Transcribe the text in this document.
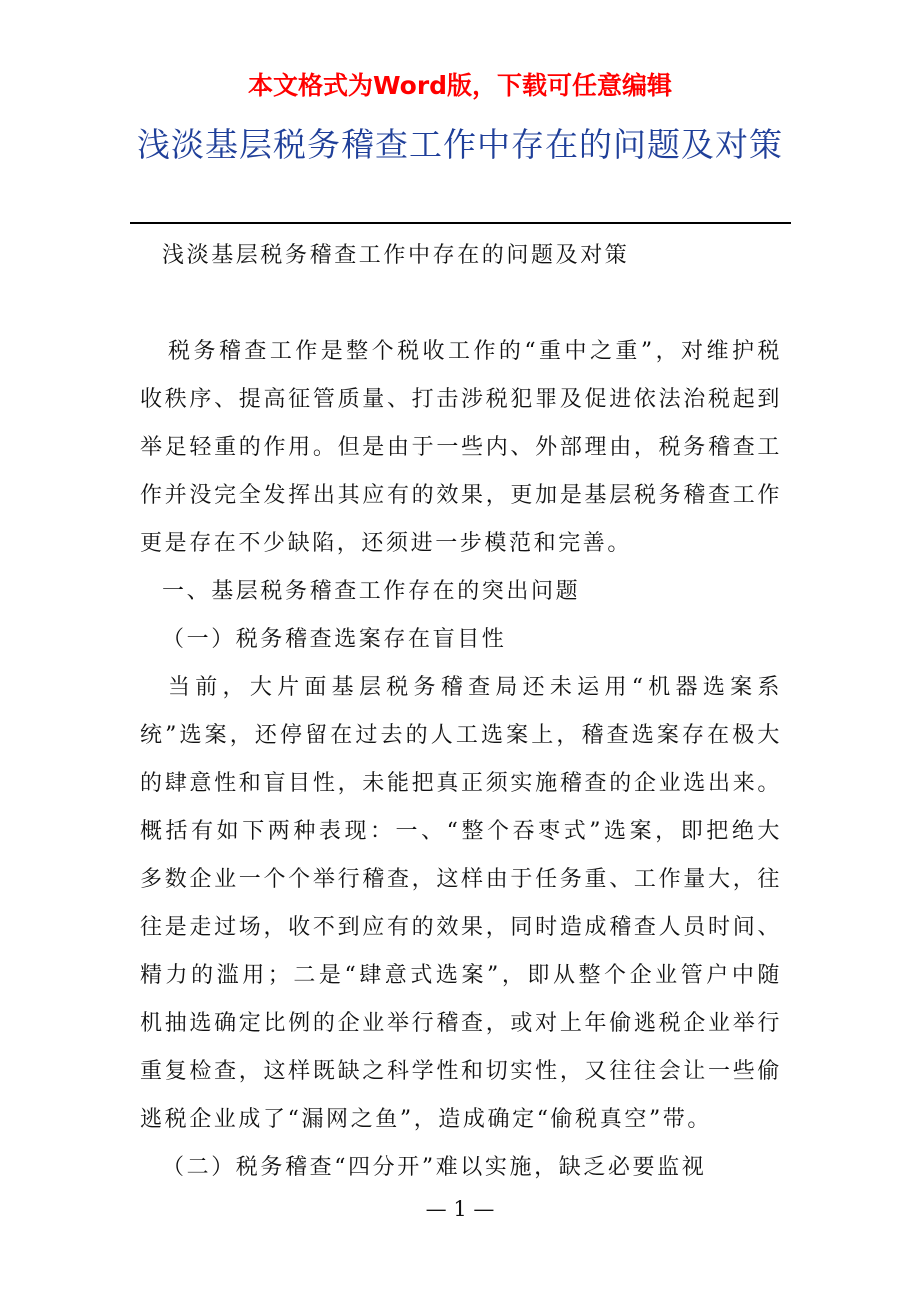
本文格式为Word版，下载可任意编辑
浅淡基层税务稽查工作中存在的问题及对策

浅淡基层税务稽查工作中存在的问题及对策

税务稽查工作是整个税收工作的“重中之重”，对维护税收秩序、提高征管质量、打击涉税犯罪及促进依法治税起到举足轻重的作用。但是由于一些内、外部理由，税务稽查工作并没完全发挥出其应有的效果，更加是基层税务稽查工作更是存在不少缺陷，还须进一步模范和完善。

一、基层税务稽查工作存在的突出问题

（一）税务稽查选案存在盲目性

当前，大片面基层税务稽查局还未运用“机器选案系统”选案，还停留在过去的人工选案上，稽查选案存在极大的肆意性和盲目性，未能把真正须实施稽查的企业选出来。概括有如下两种表现：一、“整个吞枣式”选案，即把绝大多数企业一个个举行稽查，这样由于任务重、工作量大，往往是走过场，收不到应有的效果，同时造成稽查人员时间、精力的滥用；二是“肆意式选案”，即从整个企业管户中随机抽选确定比例的企业举行稽查，或对上年偷逃税企业举行重复检查，这样既缺之科学性和切实性，又往往会让一些偷逃税企业成了“漏网之鱼”，造成确定“偷税真空”带。

（二）税务稽查“四分开”难以实施，缺乏必要监视

— 1 —
